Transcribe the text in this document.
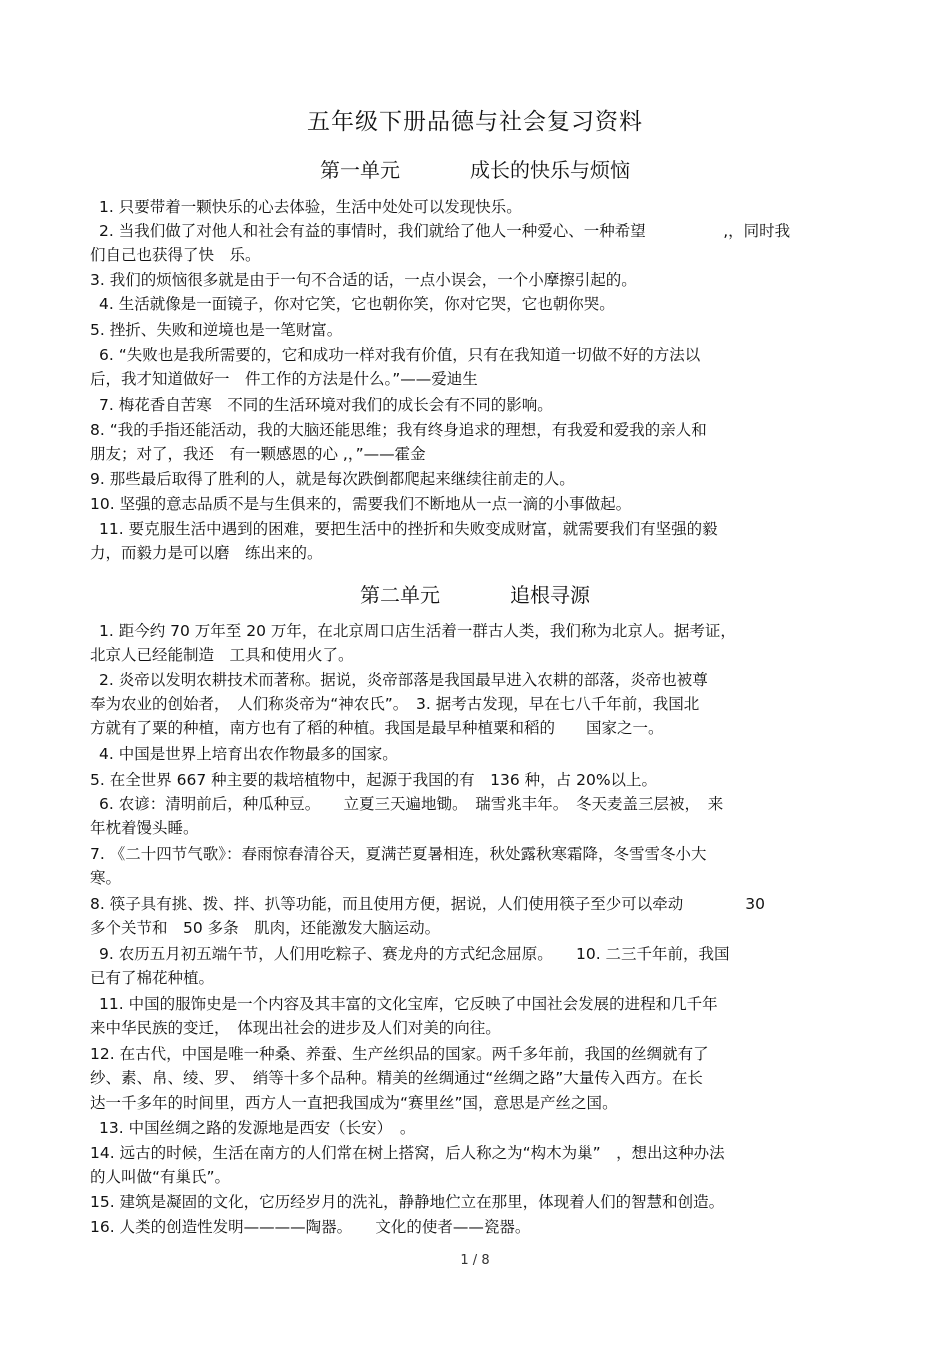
五年级下册品德与社会复习资料
第一单元	成长的快乐与烦恼
1. 只要带着一颗快乐的心去体验，生活中处处可以发现快乐。
2. 当我们做了对他人和社会有益的事情时，我们就给了他人一种爱心、一种希望　　　　　,，同时我
们自己也获得了快　乐。
3. 我们的烦恼很多就是由于一句不合适的话，一点小误会，一个小摩擦引起的。
4. 生活就像是一面镜子，你对它笑，它也朝你笑，你对它哭，它也朝你哭。
5. 挫折、失败和逆境也是一笔财富。
6. “失败也是我所需要的，它和成功一样对我有价值，只有在我知道一切做不好的方法以
后，我才知道做好一　件工作的方法是什么。”——爱迪生
7. 梅花香自苦寒　不同的生活环境对我们的成长会有不同的影响。
8. “我的手指还能活动，我的大脑还能思维；我有终身追求的理想，有我爱和爱我的亲人和
朋友；对了，我还　有一颗感恩的心 ,，”——霍金
9. 那些最后取得了胜利的人，就是每次跌倒都爬起来继续往前走的人。
10. 坚强的意志品质不是与生俱来的，需要我们不断地从一点一滴的小事做起。
11. 要克服生活中遇到的困难，要把生活中的挫折和失败变成财富，就需要我们有坚强的毅
力，而毅力是可以磨　练出来的。
第二单元	追根寻源
1. 距今约 70 万年至 20 万年，在北京周口店生活着一群古人类，我们称为北京人。据考证，
北京人已经能制造　工具和使用火了。
2. 炎帝以发明农耕技术而著称。据说，炎帝部落是我国最早进入农耕的部落，炎帝也被尊
奉为农业的创始者，　人们称炎帝为“神农氏”。　3. 据考古发现，早在七八千年前，我国北
方就有了粟的种植，南方也有了稻的种植。我国是最早种植粟和稻的　　国家之一。
4. 中国是世界上培育出农作物最多的国家。
5. 在全世界 667 种主要的栽培植物中，起源于我国的有　136 种，占 20%以上。
6. 农谚：清明前后，种瓜种豆。　　立夏三天遍地锄。　瑞雪兆丰年。　冬天麦盖三层被，　来
年枕着馒头睡。
7. 《二十四节气歌》：春雨惊春清谷天，夏满芒夏暑相连，秋处露秋寒霜降，冬雪雪冬小大
寒。
8. 筷子具有挑、拨、拌、扒等功能，而且使用方便，据说，人们使用筷子至少可以牵动　　　　30
多个关节和　50 多条　肌肉，还能激发大脑运动。
9. 农历五月初五端午节，人们用吃粽子、赛龙舟的方式纪念屈原。　　10. 二三千年前，我国
已有了棉花种植。
11. 中国的服饰史是一个内容及其丰富的文化宝库，它反映了中国社会发展的进程和几千年
来中华民族的变迁，　体现出社会的进步及人们对美的向往。
12. 在古代，中国是唯一种桑、养蚕、生产丝织品的国家。两千多年前，我国的丝绸就有了
纱、素、帛、绫、罗、　绡等十多个品种。精美的丝绸通过“丝绸之路”大量传入西方。在长
达一千多年的时间里，西方人一直把我国成为“赛里丝”国，意思是产丝之国。
13. 中国丝绸之路的发源地是西安（长安）　。
14. 远古的时候，生活在南方的人们常在树上搭窝，后人称之为“构木为巢”　，想出这种办法
的人叫做“有巢氏”。
15. 建筑是凝固的文化，它历经岁月的洗礼，静静地伫立在那里，体现着人们的智慧和创造。
16. 人类的创造性发明————陶器。　　文化的使者——瓷器。
1 / 8
